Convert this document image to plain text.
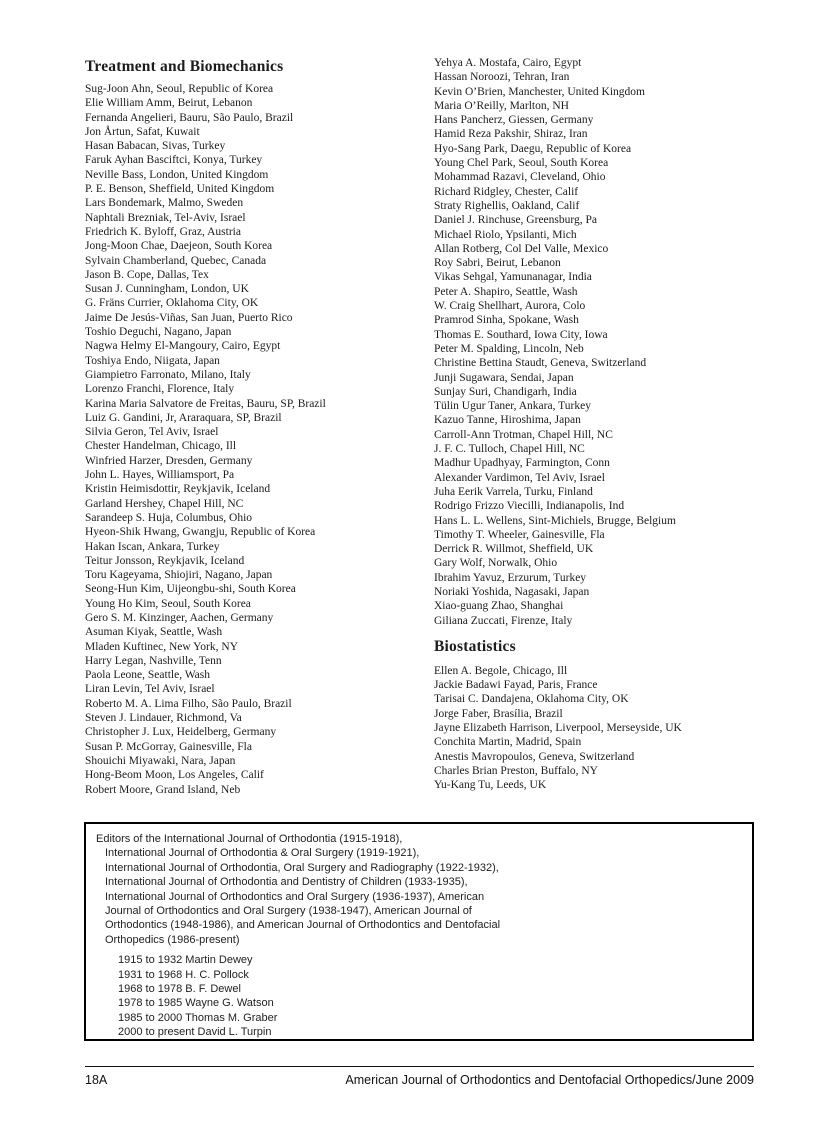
Treatment and Biomechanics
Sug-Joon Ahn, Seoul, Republic of Korea
Elie William Amm, Beirut, Lebanon
Fernanda Angelieri, Bauru, São Paulo, Brazil
Jon Årtun, Safat, Kuwait
Hasan Babacan, Sivas, Turkey
Faruk Ayhan Basciftci, Konya, Turkey
Neville Bass, London, United Kingdom
P. E. Benson, Sheffield, United Kingdom
Lars Bondemark, Malmo, Sweden
Naphtali Brezniak, Tel-Aviv, Israel
Friedrich K. Byloff, Graz, Austria
Jong-Moon Chae, Daejeon, South Korea
Sylvain Chamberland, Quebec, Canada
Jason B. Cope, Dallas, Tex
Susan J. Cunningham, London, UK
G. Fräns Currier, Oklahoma City, OK
Jaime De Jesús-Viñas, San Juan, Puerto Rico
Toshio Deguchi, Nagano, Japan
Nagwa Helmy El-Mangoury, Cairo, Egypt
Toshiya Endo, Niigata, Japan
Giampietro Farronato, Milano, Italy
Lorenzo Franchi, Florence, Italy
Karina Maria Salvatore de Freitas, Bauru, SP, Brazil
Luiz G. Gandini, Jr, Araraquara, SP, Brazil
Silvia Geron, Tel Aviv, Israel
Chester Handelman, Chicago, Ill
Winfried Harzer, Dresden, Germany
John L. Hayes, Williamsport, Pa
Kristin Heimisdottir, Reykjavik, Iceland
Garland Hershey, Chapel Hill, NC
Sarandeep S. Huja, Columbus, Ohio
Hyeon-Shik Hwang, Gwangju, Republic of Korea
Hakan Iscan, Ankara, Turkey
Teitur Jonsson, Reykjavik, Iceland
Toru Kageyama, Shiojiri, Nagano, Japan
Seong-Hun Kim, Uijeongbu-shi, South Korea
Young Ho Kim, Seoul, South Korea
Gero S. M. Kinzinger, Aachen, Germany
Asuman Kiyak, Seattle, Wash
Mladen Kuftinec, New York, NY
Harry Legan, Nashville, Tenn
Paola Leone, Seattle, Wash
Liran Levin, Tel Aviv, Israel
Roberto M. A. Lima Filho, São Paulo, Brazil
Steven J. Lindauer, Richmond, Va
Christopher J. Lux, Heidelberg, Germany
Susan P. McGorray, Gainesville, Fla
Shouichi Miyawaki, Nara, Japan
Hong-Beom Moon, Los Angeles, Calif
Robert Moore, Grand Island, Neb
Yehya A. Mostafa, Cairo, Egypt
Hassan Noroozi, Tehran, Iran
Kevin O’Brien, Manchester, United Kingdom
Maria O’Reilly, Marlton, NH
Hans Pancherz, Giessen, Germany
Hamid Reza Pakshir, Shiraz, Iran
Hyo-Sang Park, Daegu, Republic of Korea
Young Chel Park, Seoul, South Korea
Mohammad Razavi, Cleveland, Ohio
Richard Ridgley, Chester, Calif
Straty Righellis, Oakland, Calif
Daniel J. Rinchuse, Greensburg, Pa
Michael Riolo, Ypsilanti, Mich
Allan Rotberg, Col Del Valle, Mexico
Roy Sabri, Beirut, Lebanon
Vikas Sehgal, Yamunanagar, India
Peter A. Shapiro, Seattle, Wash
W. Craig Shellhart, Aurora, Colo
Pramrod Sinha, Spokane, Wash
Thomas E. Southard, Iowa City, Iowa
Peter M. Spalding, Lincoln, Neb
Christine Bettina Staudt, Geneva, Switzerland
Junji Sugawara, Sendai, Japan
Sunjay Suri, Chandigarh, India
Tülin Ugur Taner, Ankara, Turkey
Kazuo Tanne, Hiroshima, Japan
Carroll-Ann Trotman, Chapel Hill, NC
J. F. C. Tulloch, Chapel Hill, NC
Madhur Upadhyay, Farmington, Conn
Alexander Vardimon, Tel Aviv, Israel
Juha Eerik Varrela, Turku, Finland
Rodrigo Frizzo Viecilli, Indianapolis, Ind
Hans L. L. Wellens, Sint-Michiels, Brugge, Belgium
Timothy T. Wheeler, Gainesville, Fla
Derrick R. Willmot, Sheffield, UK
Gary Wolf, Norwalk, Ohio
Ibrahim Yavuz, Erzurum, Turkey
Noriaki Yoshida, Nagasaki, Japan
Xiao-guang Zhao, Shanghai
Giliana Zuccati, Firenze, Italy
Biostatistics
Ellen A. Begole, Chicago, Ill
Jackie Badawi Fayad, Paris, France
Tarisai C. Dandajena, Oklahoma City, OK
Jorge Faber, Brasília, Brazil
Jayne Elizabeth Harrison, Liverpool, Merseyside, UK
Conchita Martin, Madrid, Spain
Anestis Mavropoulos, Geneva, Switzerland
Charles Brian Preston, Buffalo, NY
Yu-Kang Tu, Leeds, UK
Editors of the International Journal of Orthodontia (1915-1918),
International Journal of Orthodontia & Oral Surgery (1919-1921),
International Journal of Orthodontia, Oral Surgery and Radiography (1922-1932),
International Journal of Orthodontia and Dentistry of Children (1933-1935),
International Journal of Orthodontics and Oral Surgery (1936-1937), American
Journal of Orthodontics and Oral Surgery (1938-1947), American Journal of
Orthodontics (1948-1986), and American Journal of Orthodontics and Dentofacial
Orthopedics (1986-present)
1915 to 1932 Martin Dewey
1931 to 1968 H. C. Pollock
1968 to 1978 B. F. Dewel
1978 to 1985 Wayne G. Watson
1985 to 2000 Thomas M. Graber
2000 to present David L. Turpin
18A	American Journal of Orthodontics and Dentofacial Orthopedics/June 2009
